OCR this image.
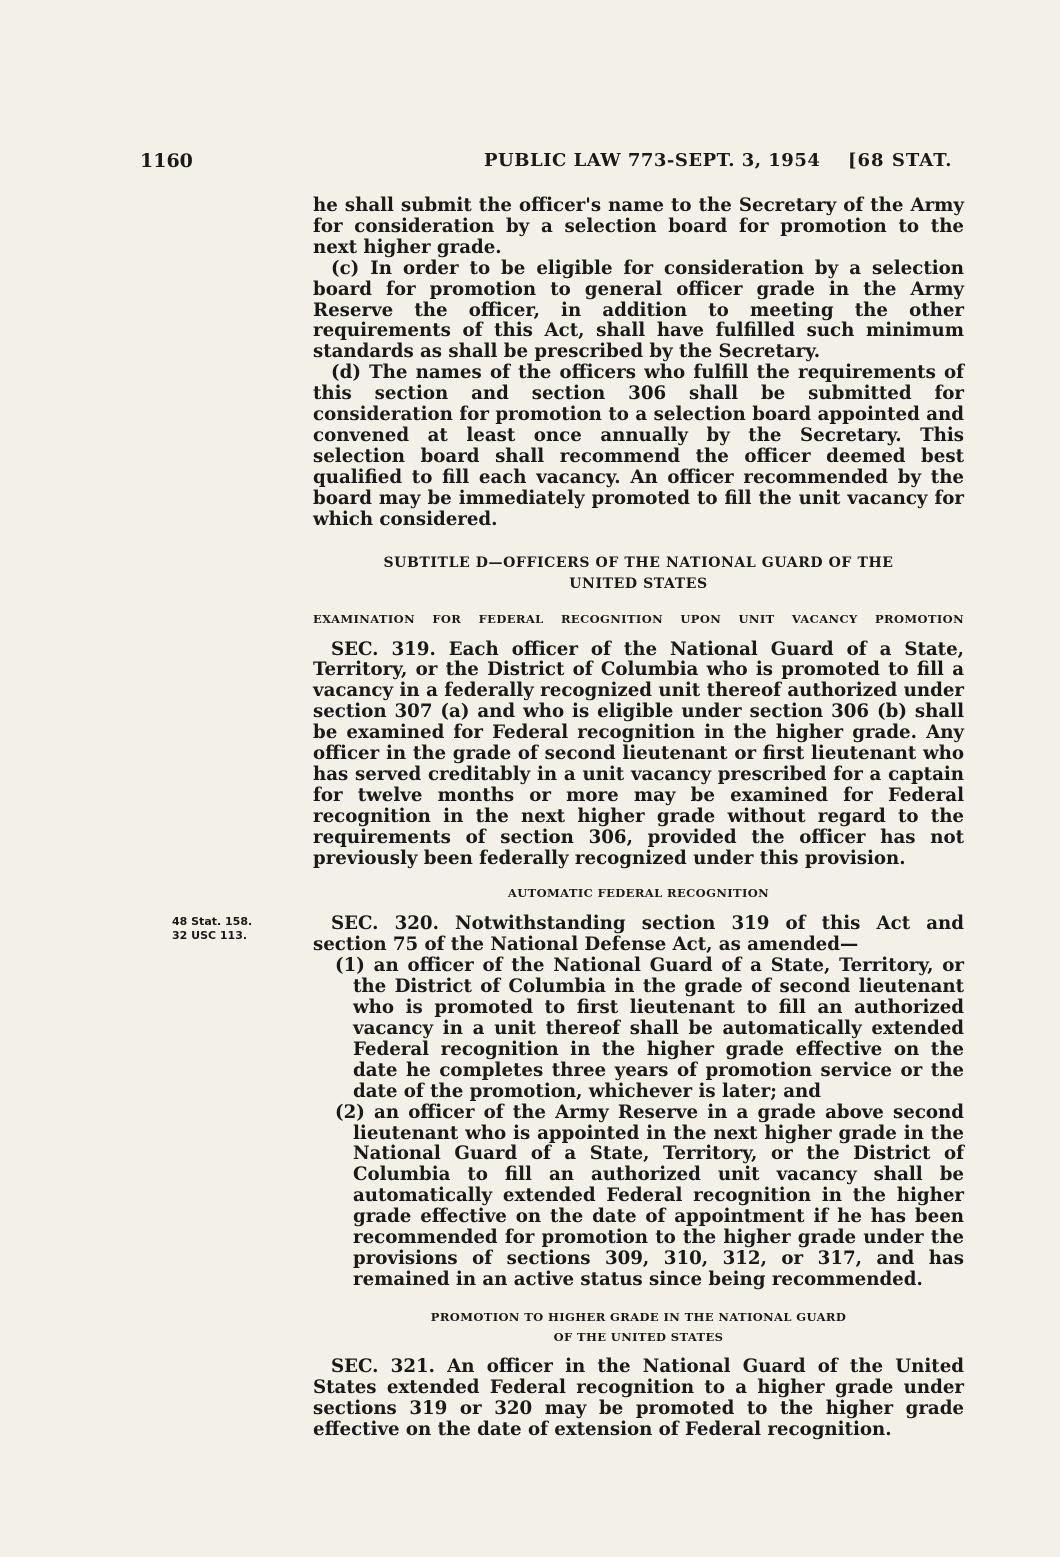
1160	PUBLIC LAW 773-SEPT. 3, 1954 [68 STAT.
48 Stat. 158.
32 USC 113.

he shall submit the officer's name to the Secretary of the Army for consideration by a selection board for promotion to the next higher grade.

(c) In order to be eligible for consideration by a selection board for promotion to general officer grade in the Army Reserve the officer, in addition to meeting the other requirements of this Act, shall have fulfilled such minimum standards as shall be prescribed by the Secretary.

(d) The names of the officers who fulfill the requirements of this section and section 306 shall be submitted for consideration for promotion to a selection board appointed and convened at least once annually by the Secretary. This selection board shall recommend the officer deemed best qualified to fill each vacancy. An officer recommended by the board may be immediately promoted to fill the unit vacancy for which considered.

SUBTITLE D—OFFICERS OF THE NATIONAL GUARD OF THE
UNITED STATES

EXAMINATION FOR FEDERAL RECOGNITION UPON UNIT VACANCY PROMOTION

SEC. 319. Each officer of the National Guard of a State, Territory, or the District of Columbia who is promoted to fill a vacancy in a federally recognized unit thereof authorized under section 307 (a) and who is eligible under section 306 (b) shall be examined for Federal recognition in the higher grade. Any officer in the grade of second lieutenant or first lieutenant who has served creditably in a unit vacancy prescribed for a captain for twelve months or more may be examined for Federal recognition in the next higher grade without regard to the requirements of section 306, provided the officer has not previously been federally recognized under this provision.

AUTOMATIC FEDERAL RECOGNITION

SEC. 320. Notwithstanding section 319 of this Act and section 75 of the National Defense Act, as amended—

(1) an officer of the National Guard of a State, Territory, or the District of Columbia in the grade of second lieutenant who is promoted to first lieutenant to fill an authorized vacancy in a unit thereof shall be automatically extended Federal recognition in the higher grade effective on the date he completes three years of promotion service or the date of the promotion, whichever is later; and

(2) an officer of the Army Reserve in a grade above second lieutenant who is appointed in the next higher grade in the National Guard of a State, Territory, or the District of Columbia to fill an authorized unit vacancy shall be automatically extended Federal recognition in the higher grade effective on the date of appointment if he has been recommended for promotion to the higher grade under the provisions of sections 309, 310, 312, or 317, and has remained in an active status since being recommended.

PROMOTION TO HIGHER GRADE IN THE NATIONAL GUARD
OF THE UNITED STATES

SEC. 321. An officer in the National Guard of the United States extended Federal recognition to a higher grade under sections 319 or 320 may be promoted to the higher grade effective on the date of extension of Federal recognition.
